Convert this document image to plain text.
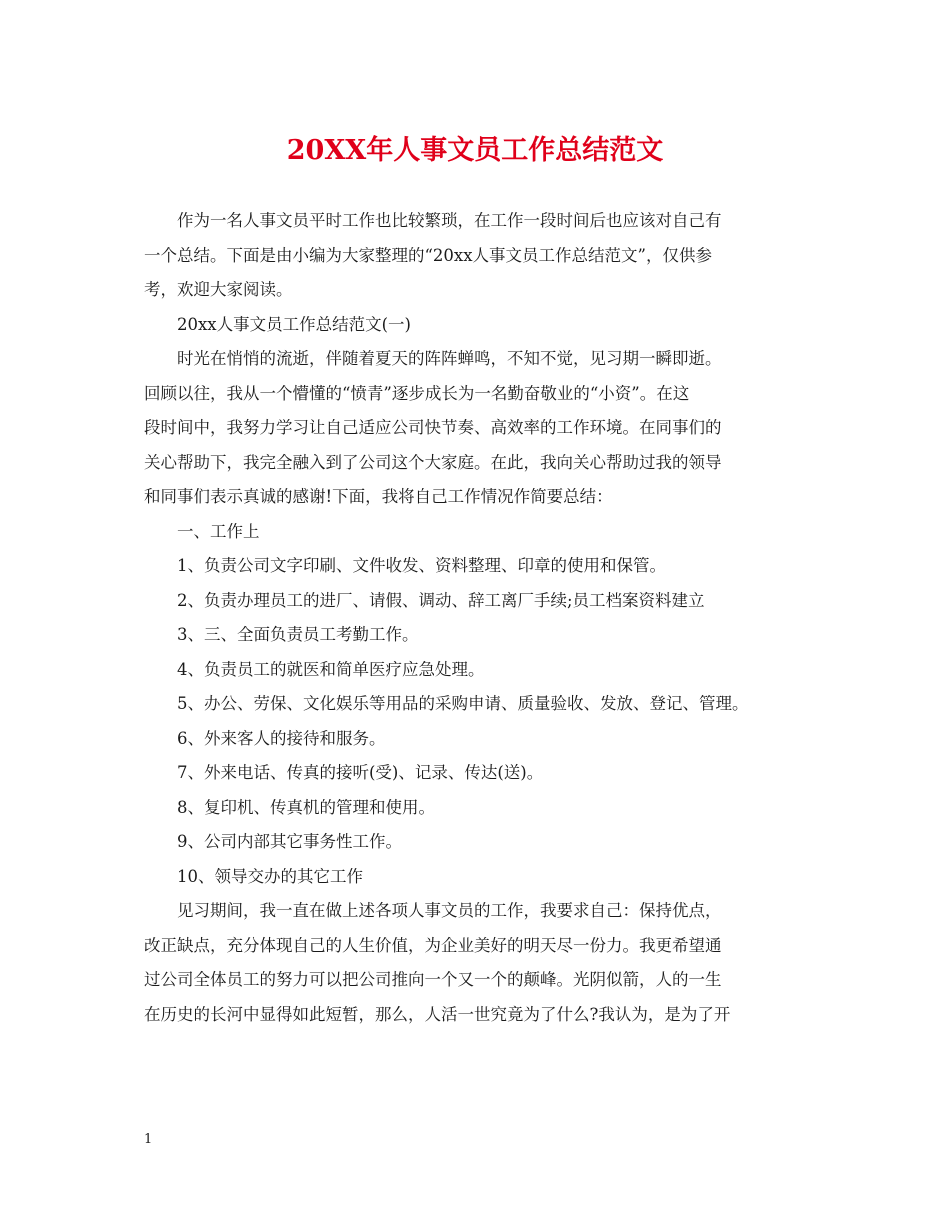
20XX年人事文员工作总结范文
作为一名人事文员平时工作也比较繁琐，在工作一段时间后也应该对自己有
一个总结。下面是由小编为大家整理的“20xx人事文员工作总结范文”，仅供参
考，欢迎大家阅读。
20xx人事文员工作总结范文(一)
时光在悄悄的流逝，伴随着夏天的阵阵蝉鸣，不知不觉，见习期一瞬即逝。
回顾以往，我从一个懵懂的“愤青”逐步成长为一名勤奋敬业的“小资”。在这
段时间中，我努力学习让自己适应公司快节奏、高效率的工作环境。在同事们的
关心帮助下，我完全融入到了公司这个大家庭。在此，我向关心帮助过我的领导
和同事们表示真诚的感谢!下面，我将自己工作情况作简要总结：
一、工作上
1、负责公司文字印刷、文件收发、资料整理、印章的使用和保管。
2、负责办理员工的进厂、请假、调动、辞工离厂手续;员工档案资料建立
3、三、全面负责员工考勤工作。
4、负责员工的就医和简单医疗应急处理。
5、办公、劳保、文化娱乐等用品的采购申请、质量验收、发放、登记、管理。
6、外来客人的接待和服务。
7、外来电话、传真的接听(受)、记录、传达(送)。
8、复印机、传真机的管理和使用。
9、公司内部其它事务性工作。
10、领导交办的其它工作
见习期间，我一直在做上述各项人事文员的工作，我要求自己：保持优点，
改正缺点，充分体现自己的人生价值，为企业美好的明天尽一份力。我更希望通
过公司全体员工的努力可以把公司推向一个又一个的颠峰。光阴似箭，人的一生
在历史的长河中显得如此短暂，那么，人活一世究竟为了什么?我认为，是为了开
1
